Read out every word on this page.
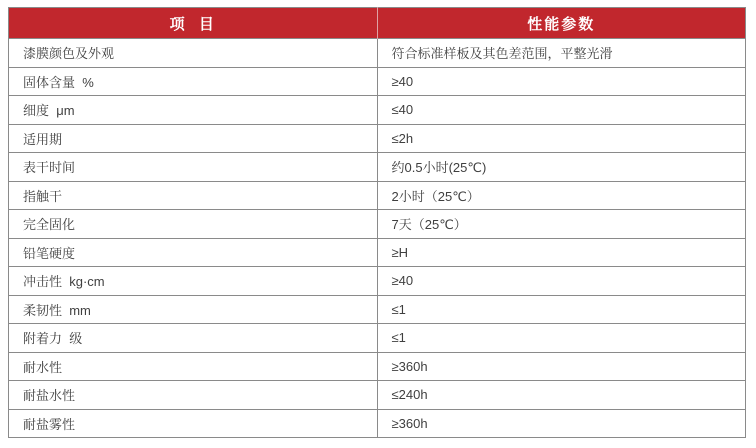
项  目	性能参数
漆膜颜色及外观	符合标准样板及其色差范围，平整光滑
固体含量  %	≥40
细度  μm	≤40
适用期	≤2h
表干时间	约0.5小时(25℃)
指触干	2小时（25℃）
完全固化	7天（25℃）
铅笔硬度	≥H
冲击性  kg·cm	≥40
柔韧性  mm	≤1
附着力  级	≤1
耐水性	≥360h
耐盐水性	≤240h
耐盐雾性	≥360h
